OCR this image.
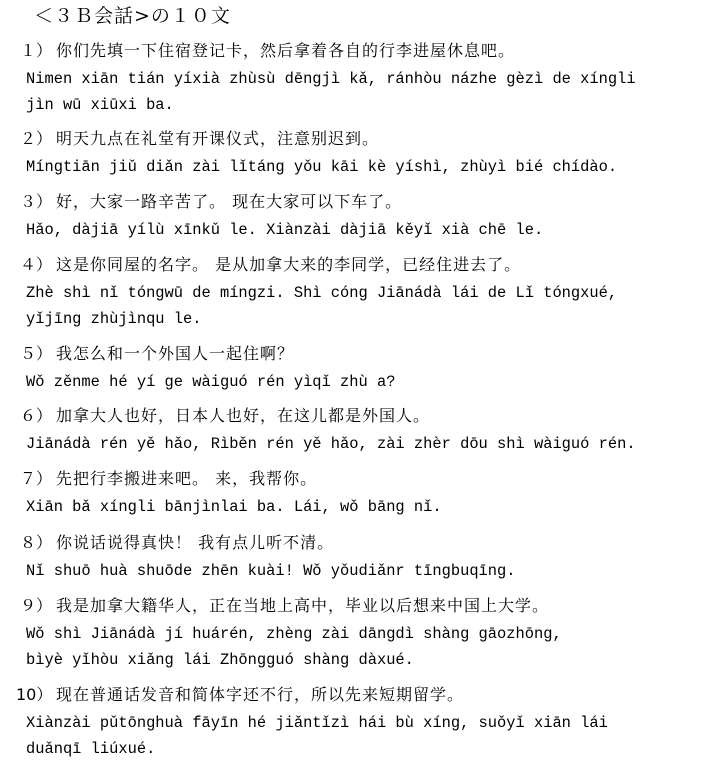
＜３Ｂ会話>の１０文
１） 你们先填一下住宿登记卡，然后拿着各自的行李进屋休息吧。
Nimen xiān tián yíxià zhùsù dēngjì kǎ, ránhòu názhe gèzì de xíngli
jìn wū xiūxi ba.
２） 明天九点在礼堂有开课仪式，注意别迟到。
Míngtiān jiǔ diǎn zài lǐtáng yǒu kāi kè yíshì, zhùyì bié chídào.
３） 好，大家一路辛苦了。 现在大家可以下车了。
Hǎo, dàjiā yílù xīnkǔ le. Xiànzài dàjiā kěyǐ xià chē le.
４） 这是你同屋的名字。 是从加拿大来的李同学，已经住进去了。
Zhè shì nǐ tóngwū de míngzi. Shì cóng Jiānádà lái de Lǐ tóngxué,
yǐjīng zhùjìnqu le.
５） 我怎么和一个外国人一起住啊？
Wǒ zěnme hé yí ge wàiguó rén yìqǐ zhù a?
６） 加拿大人也好，日本人也好，在这儿都是外国人。
Jiānádà rén yě hǎo, Rìběn rén yě hǎo, zài zhèr dōu shì wàiguó rén.
７） 先把行李搬进来吧。 来，我帮你。
Xiān bǎ xíngli bānjìnlai ba. Lái, wǒ bāng nǐ.
８） 你说话说得真快！ 我有点儿听不清。
Nǐ shuō huà shuōde zhēn kuài! Wǒ yǒudiǎnr tīngbuqīng.
９） 我是加拿大籍华人，正在当地上高中，毕业以后想来中国上大学。
Wǒ shì Jiānádà jí huárén, zhèng zài dāngdì shàng gāozhōng,
bìyè yǐhòu xiǎng lái Zhōngguó shàng dàxué.
10） 现在普通话发音和简体字还不行，所以先来短期留学。
Xiànzài pǔtōnghuà fāyīn hé jiǎntǐzì hái bù xíng, suǒyǐ xiān lái
duǎnqī liúxué.
